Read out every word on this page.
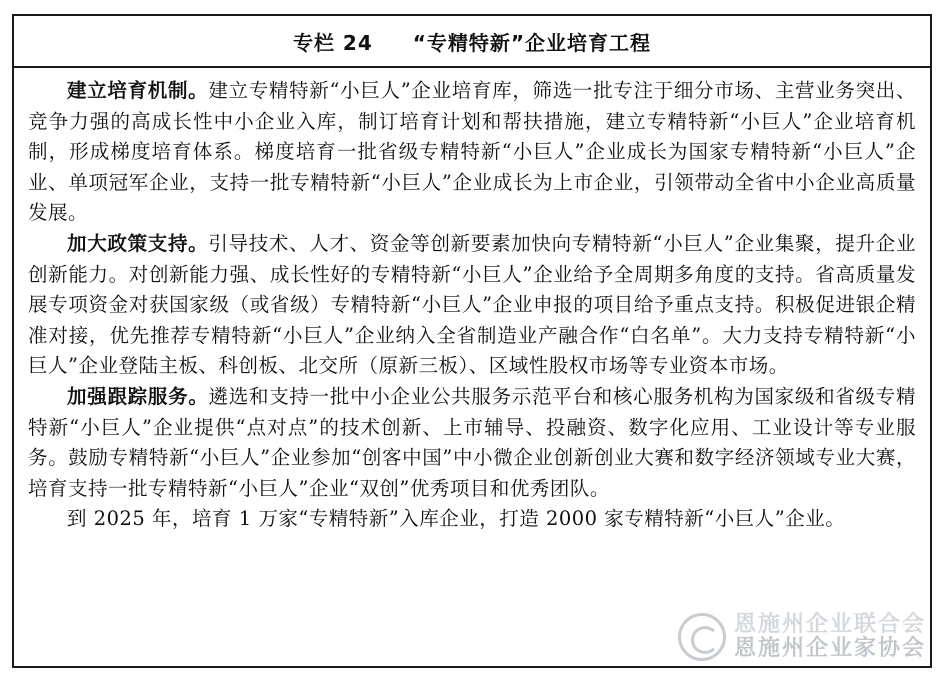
专栏 24 “专精特新”企业培育工程

建立培育机制。建立专精特新“小巨人”企业培育库，筛选一批专注于细分市场、主营业务突出、竞争力强的高成长性中小企业入库，制订培育计划和帮扶措施，建立专精特新“小巨人”企业培育机制，形成梯度培育体系。梯度培育一批省级专精特新“小巨人”企业成长为国家专精特新“小巨人”企业、单项冠军企业，支持一批专精特新“小巨人”企业成长为上市企业，引领带动全省中小企业高质量发展。

加大政策支持。引导技术、人才、资金等创新要素加快向专精特新“小巨人”企业集聚，提升企业创新能力。对创新能力强、成长性好的专精特新“小巨人”企业给予全周期多角度的支持。省高质量发展专项资金对获国家级（或省级）专精特新“小巨人”企业申报的项目给予重点支持。积极促进银企精准对接，优先推荐专精特新“小巨人”企业纳入全省制造业产融合作“白名单”。大力支持专精特新“小巨人”企业登陆主板、科创板、北交所（原新三板）、区域性股权市场等专业资本市场。

加强跟踪服务。遴选和支持一批中小企业公共服务示范平台和核心服务机构为国家级和省级专精特新“小巨人”企业提供“点对点”的技术创新、上市辅导、投融资、数字化应用、工业设计等专业服务。鼓励专精特新“小巨人”企业参加“创客中国”中小微企业创新创业大赛和数字经济领域专业大赛，培育支持一批专精特新“小巨人”企业“双创”优秀项目和优秀团队。

到 2025 年，培育 1 万家“专精特新”入库企业，打造 2000 家专精特新“小巨人”企业。

恩施州企业联合会
恩施州企业家协会
